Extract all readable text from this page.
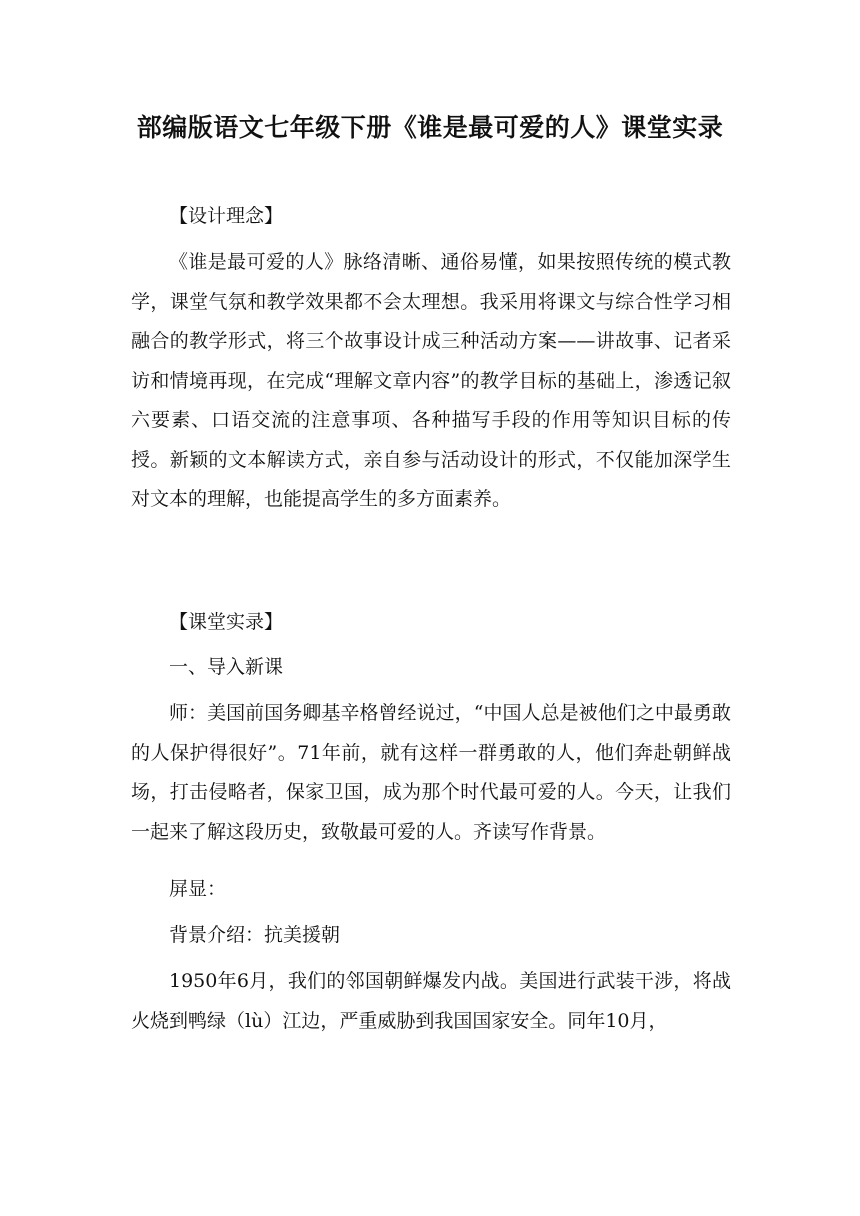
部编版语文七年级下册《谁是最可爱的人》课堂实录

【设计理念】

《谁是最可爱的人》脉络清晰、通俗易懂，如果按照传统的模式教学，课堂气氛和教学效果都不会太理想。我采用将课文与综合性学习相融合的教学形式，将三个故事设计成三种活动方案——讲故事、记者采访和情境再现，在完成“理解文章内容”的教学目标的基础上，渗透记叙六要素、口语交流的注意事项、各种描写手段的作用等知识目标的传授。新颖的文本解读方式，亲自参与活动设计的形式，不仅能加深学生对文本的理解，也能提高学生的多方面素养。

【课堂实录】

一、导入新课

师：美国前国务卿基辛格曾经说过，“中国人总是被他们之中最勇敢的人保护得很好”。71年前，就有这样一群勇敢的人，他们奔赴朝鲜战场，打击侵略者，保家卫国，成为那个时代最可爱的人。今天，让我们一起来了解这段历史，致敬最可爱的人。齐读写作背景。

屏显：

背景介绍：抗美援朝

1950年6月，我们的邻国朝鲜爆发内战。美国进行武装干涉，将战火烧到鸭绿（lù）江边，严重威胁到我国国家安全。同年10月，
